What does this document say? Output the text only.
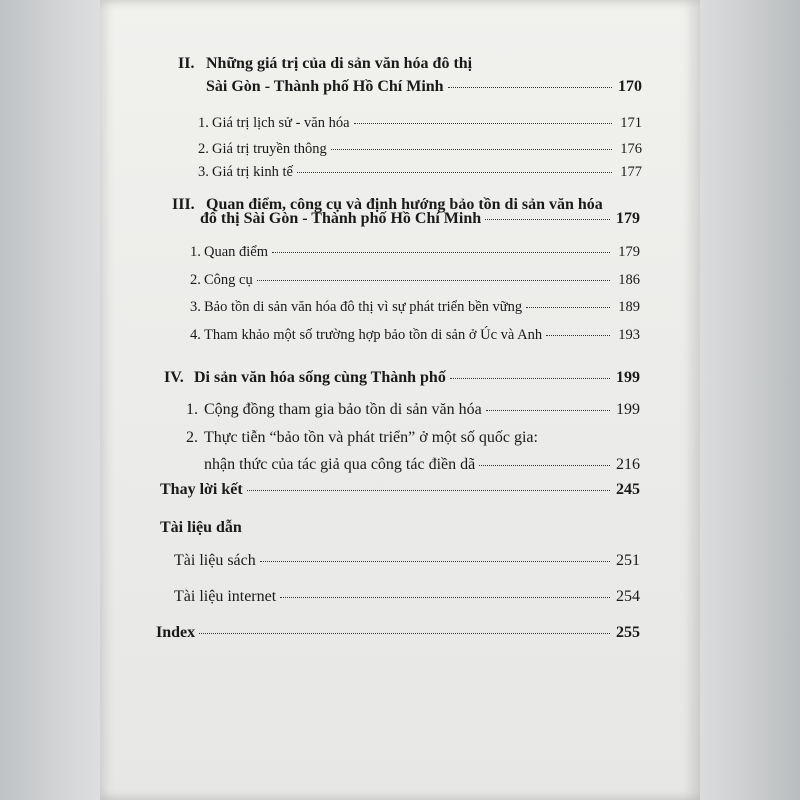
II. Những giá trị của di sản văn hóa đô thị
Sài Gòn - Thành phố Hồ Chí Minh	170
1. Giá trị lịch sử - văn hóa	171
2. Giá trị truyền thông	176
3. Giá trị kinh tế	177
III. Quan điểm, công cụ và định hướng bảo tồn di sản văn hóa
đô thị Sài Gòn - Thành phố Hồ Chí Minh	179
1. Quan điểm	179
2. Công cụ	186
3. Bảo tồn di sản văn hóa đô thị vì sự phát triển bền vững	189
4. Tham khảo một số trường hợp bảo tồn di sản ở Úc và Anh	193
IV. Di sản văn hóa sống cùng Thành phố	199
1. Cộng đồng tham gia bảo tồn di sản văn hóa	199
2. Thực tiễn “bảo tồn và phát triển” ở một số quốc gia:
nhận thức của tác giả qua công tác điền dã	216
Thay lời kết	245
Tài liệu dẫn
Tài liệu sách	251
Tài liệu internet	254
Index	255
